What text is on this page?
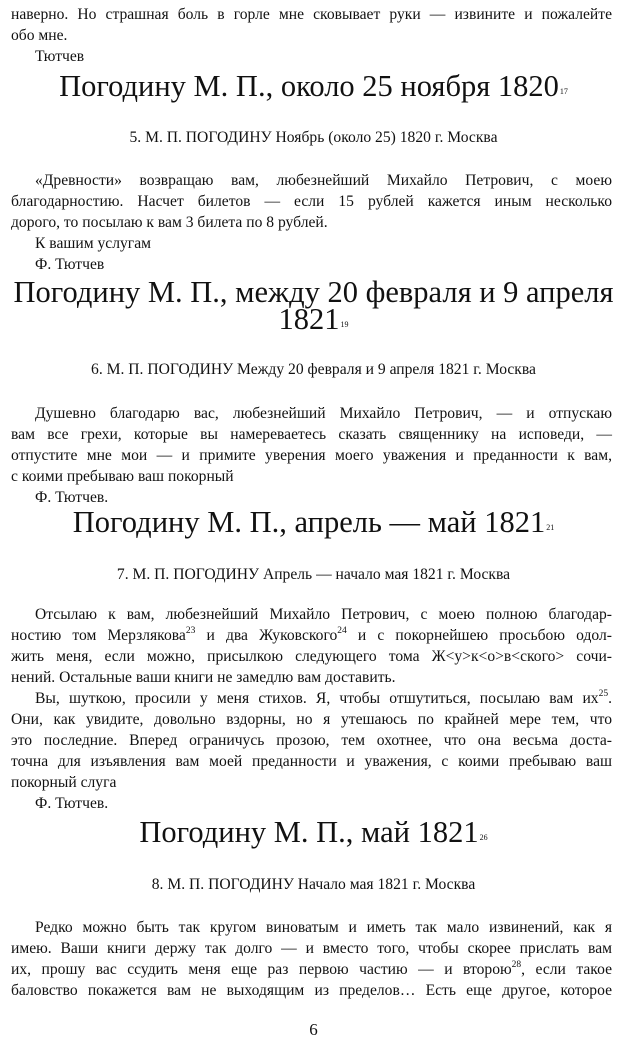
наверно. Но страшная боль в горле мне сковывает руки — извините и пожалейте
обо мне.
Тютчев
Погодину М. П., около 25 ноября 1820$^{17}$
5. М. П. ПОГОДИНУ Ноябрь (около 25) 1820 г. Москва
«Древности» возвращаю вам, любезнейший Михайло Петрович, с моею
благодарностию. Насчет билетов — если 15 рублей кажется иным несколько
дорого, то посылаю к вам 3 билета по 8 рублей.
К вашим услугам
Ф. Тютчев
Погодину М. П., между 20 февраля и 9 апреля
1821$^{19}$
6. М. П. ПОГОДИНУ Между 20 февраля и 9 апреля 1821 г. Москва
Душевно благодарю вас, любезнейший Михайло Петрович, — и отпускаю
вам все грехи, которые вы намереваетесь сказать священнику на исповеди, —
отпустите мне мои — и примите уверения моего уважения и преданности к вам,
с коими пребываю ваш покорный
Ф. Тютчев.
Погодину М. П., апрель — май 1821$^{21}$
7. М. П. ПОГОДИНУ Апрель — начало мая 1821 г. Москва
Отсылаю к вам, любезнейший Михайло Петрович, с моею полною благодар-
ностию том Мерзлякова$^{23}$ и два Жуковского$^{24}$ и с покорнейшею просьбою одол-
жить меня, если можно, присылкою следующего тома Ж<у>к<о>в<ского> сочи-
нений. Остальные ваши книги не замедлю вам доставить.
Вы, шуткою, просили у меня стихов. Я, чтобы отшутиться, посылаю вам их$^{25}$.
Они, как увидите, довольно вздорны, но я утешаюсь по крайней мере тем, что
это последние. Вперед ограничусь прозою, тем охотнее, что она весьма доста-
точна для изъявления вам моей преданности и уважения, с коими пребываю ваш
покорный слуга
Ф. Тютчев.
Погодину М. П., май 1821$^{26}$
8. М. П. ПОГОДИНУ Начало мая 1821 г. Москва
Редко можно быть так кругом виноватым и иметь так мало извинений, как я
имею. Ваши книги держу так долго — и вместо того, чтобы скорее прислать вам
их, прошу вас ссудить меня еще раз первою частию — и второю$^{28}$, если такое
баловство покажется вам не выходящим из пределов… Есть еще другое, которое
6
